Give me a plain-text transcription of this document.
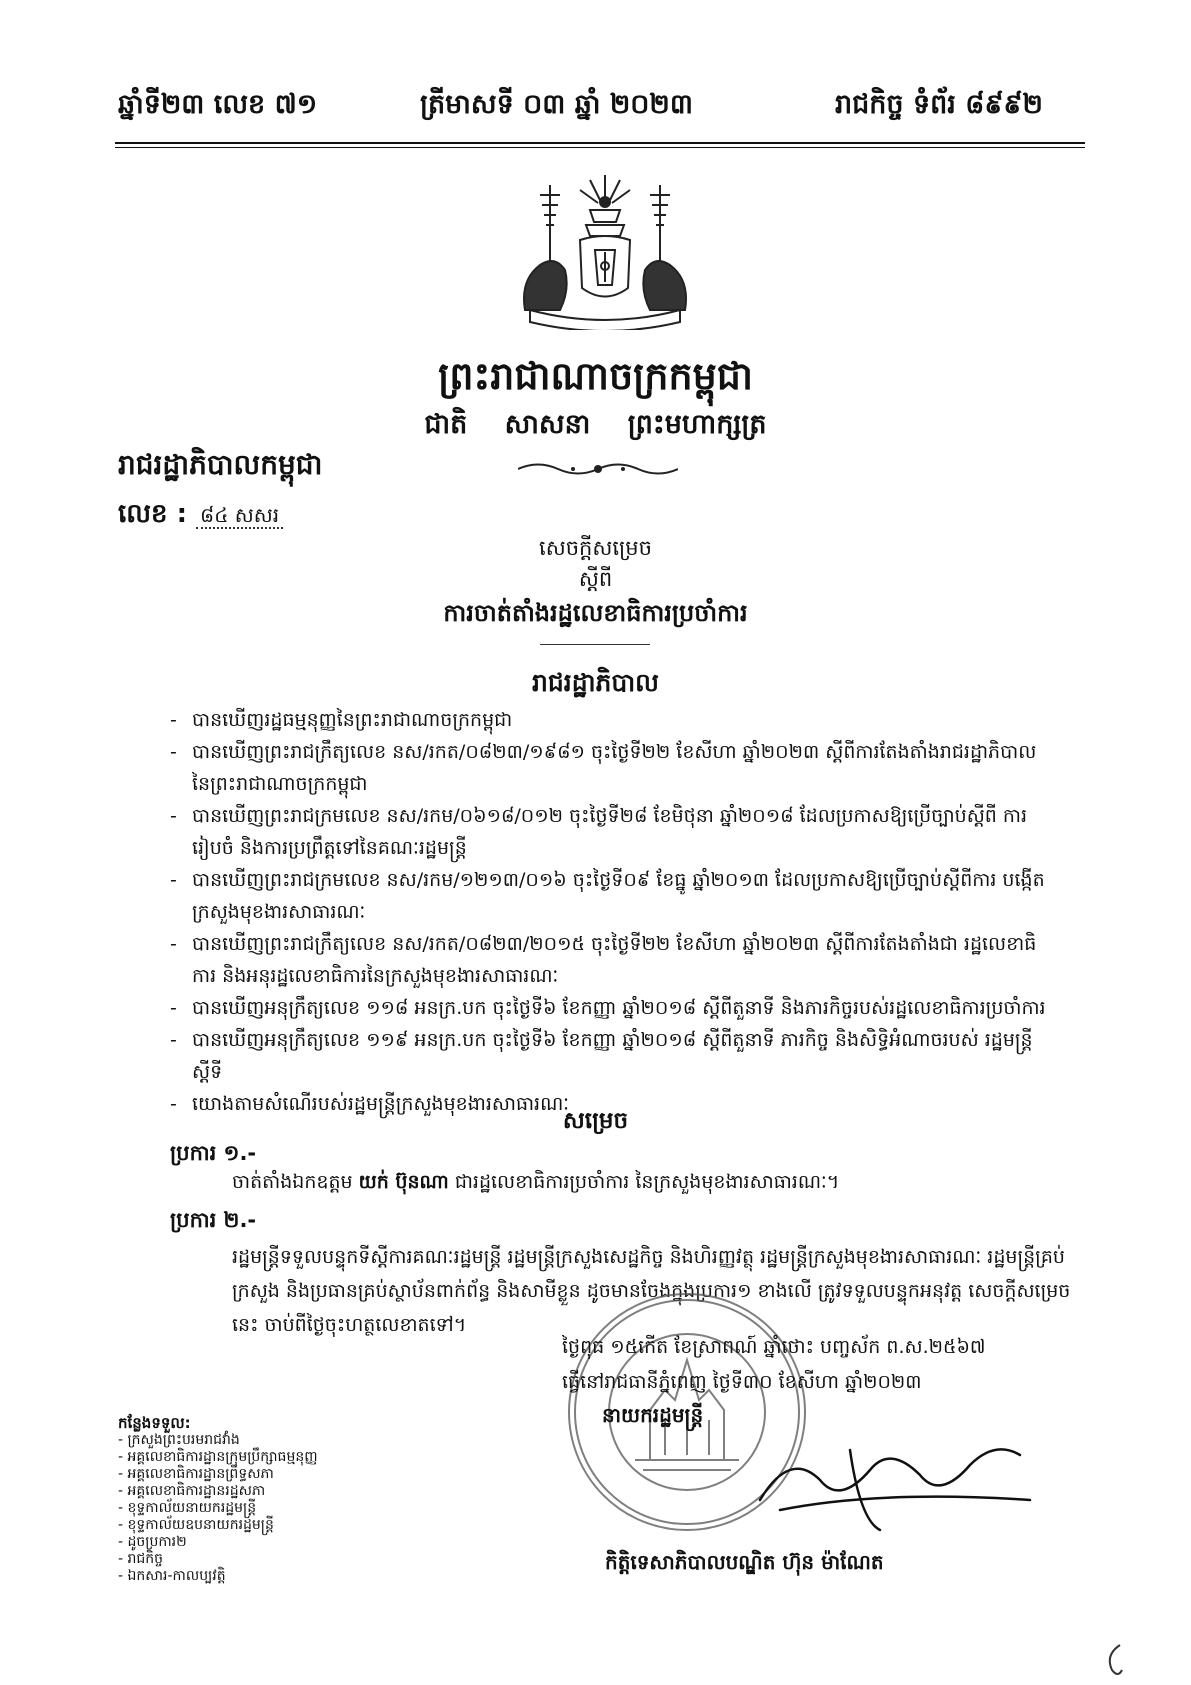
ឆ្នាំទី២៣ លេខ ៧១	ត្រីមាសទី ០៣ ឆ្នាំ ២០២៣	រាជកិច្ច ទំព័រ ៨៩៩២
ព្រះរាជាណាចក្រកម្ពុជា
ជាតិ សាសនា ព្រះមហាក្សត្រ
រាជរដ្ឋាភិបាលកម្ពុជា
លេខ : ៨៤ សសរ
សេចក្តីសម្រេច
ស្តីពី
ការចាត់តាំងរដ្ឋលេខាធិការប្រចាំការ
រាជរដ្ឋាភិបាល
- បានឃើញរដ្ឋធម្មនុញ្ញនៃព្រះរាជាណាចក្រកម្ពុជា
- បានឃើញព្រះរាជក្រឹត្យលេខ នស/រកត/០៨២៣/១៩៨១ ចុះថ្ងៃទី២២ ខែសីហា ឆ្នាំ២០២៣ ស្តីពីការតែងតាំងរាជរដ្ឋាភិបាល នៃព្រះរាជាណាចក្រកម្ពុជា
- បានឃើញព្រះរាជក្រមលេខ នស/រកម/០៦១៨/០១២ ចុះថ្ងៃទី២៨ ខែមិថុនា ឆ្នាំ២០១៨ ដែលប្រកាសឱ្យប្រើច្បាប់ស្តីពី ការរៀបចំ និងការប្រព្រឹត្តទៅនៃគណៈរដ្ឋមន្ត្រី
- បានឃើញព្រះរាជក្រមលេខ នស/រកម/១២១៣/០១៦ ចុះថ្ងៃទី០៩ ខែធ្នូ ឆ្នាំ២០១៣ ដែលប្រកាសឱ្យប្រើច្បាប់ស្តីពីការ បង្កើតក្រសួងមុខងារសាធារណៈ
- បានឃើញព្រះរាជក្រឹត្យលេខ នស/រកត/០៨២៣/២០១៥ ចុះថ្ងៃទី២២ ខែសីហា ឆ្នាំ២០២៣ ស្តីពីការតែងតាំងជា រដ្ឋលេខាធិការ និងអនុរដ្ឋលេខាធិការនៃក្រសួងមុខងារសាធារណៈ
- បានឃើញអនុក្រឹត្យលេខ ១១៨ អនក្រ.បក ចុះថ្ងៃទី៦ ខែកញ្ញា ឆ្នាំ២០១៨ ស្តីពីតួនាទី និងភារកិច្ចរបស់រដ្ឋលេខាធិការប្រចាំការ
- បានឃើញអនុក្រឹត្យលេខ ១១៩ អនក្រ.បក ចុះថ្ងៃទី៦ ខែកញ្ញា ឆ្នាំ២០១៨ ស្តីពីតួនាទី ភារកិច្ច និងសិទ្ធិអំណាចរបស់ រដ្ឋមន្ត្រីស្តីទី
- យោងតាមសំណើរបស់រដ្ឋមន្ត្រីក្រសួងមុខងារសាធារណៈ
សម្រេច
ប្រការ ១.-
ចាត់តាំងឯកឧត្តម យក់ ប៊ុនណា ជារដ្ឋលេខាធិការប្រចាំការ នៃក្រសួងមុខងារសាធារណៈ។
ប្រការ ២.-
រដ្ឋមន្ត្រីទទួលបន្ទុកទីស្តីការគណៈរដ្ឋមន្ត្រី រដ្ឋមន្ត្រីក្រសួងសេដ្ឋកិច្ច និងហិរញ្ញវត្ថុ រដ្ឋមន្ត្រីក្រសួងមុខងារសាធារណៈ រដ្ឋមន្ត្រីគ្រប់ក្រសួង និងប្រធានគ្រប់ស្ថាប័នពាក់ព័ន្ធ និងសាមីខ្លួន ដូចមានចែងក្នុងប្រការ១ ខាងលើ ត្រូវទទួលបន្ទុកអនុវត្ត សេចក្តីសម្រេចនេះ ចាប់ពីថ្ងៃចុះហត្ថលេខាតទៅ។
ថ្ងៃពុធ ១៥កើត ខែស្រាពណ៍ ឆ្នាំថោះ បញ្ចស័ក ព.ស.២៥៦៧
ធ្វើនៅរាជធានីភ្នំពេញ ថ្ងៃទី៣០ ខែសីហា ឆ្នាំ២០២៣
នាយករដ្ឋមន្ត្រី
កិត្តិទេសាភិបាលបណ្ឌិត ហ៊ុន ម៉ាណែត
កន្លែងទទួល:
- ក្រសួងព្រះបរមរាជវាំង
- អគ្គលេខាធិការដ្ឋានក្រុមប្រឹក្សាធម្មនុញ្ញ
- អគ្គលេខាធិការដ្ឋានព្រឹទ្ធសភា
- អគ្គលេខាធិការដ្ឋានរដ្ឋសភា
- ខុទ្ទកាល័យនាយករដ្ឋមន្ត្រី
- ខុទ្ទកាល័យឧបនាយករដ្ឋមន្ត្រី
- ដូចប្រការ២
- រាជកិច្ច
- ឯកសារ-កាលប្បវត្តិ
